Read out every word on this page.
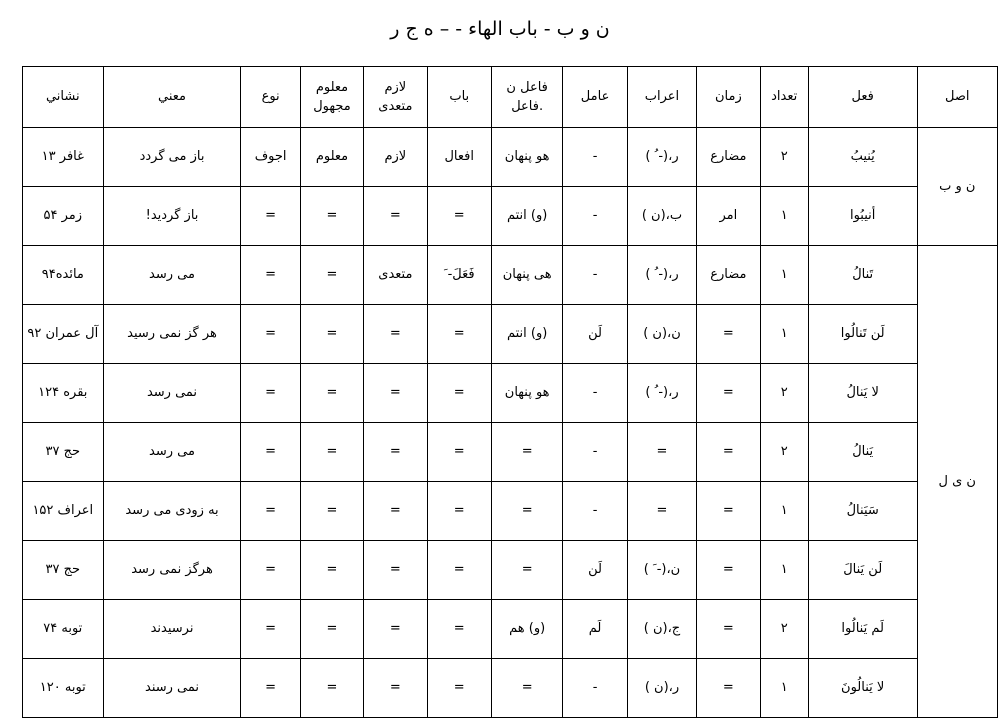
ن و ب - باب الهاء - – ه ج ر
اصل	فعل	تعداد	زمان	اعراب	عامل	فاعل ن .فاعل	باب	لازم متعدی	معلوم مجهول	نوع	معني	نشاني
ن و ب	يُنيبُ	٢	مضارع	ر،(- ُ )	-	هو پنهان	افعال	لازم	معلوم	اجوف	باز می گردد	غافر ١٣
	أنيبُوا	١	امر	ب،(ن )	-	(و) انتم	=	=	=	=	باز گردید!	زمر ۵۴
ن ی ل	تَنالُ	١	مضارع	ر،(- ُ )	-	هی پنهان	فَعَلَ- َ	متعدی	=	=	می رسد	مائده٩۴
	لَن تَنالُوا	١	=	ن،(ن )	لَن	(و) انتم	=	=	=	=	هر گز نمی رسید	آل عمران ٩٢
	لا يَنالُ	٢	=	ر،(- ُ )	-	هو پنهان	=	=	=	=	نمی رسد	بقره ١٢۴
	يَنالُ	٢	=	=	-	=	=	=	=	=	می رسد	حج ٣٧
	سَيَنالُ	١	=	=	-	=	=	=	=	=	به زودی می رسد	اعراف ١۵٢
	لَن يَنالَ	١	=	ن،(- َ )	لَن	=	=	=	=	=	هرگز نمی رسد	حج ٣٧
	لَم يَنالُوا	٢	=	ج،(ن )	لَم	(و) هم	=	=	=	=	نرسیدند	توبه ٧۴
	لا يَنالُونَ	١	=	ر،(ن )	-	=	=	=	=	=	نمی رسند	توبه ١٢٠
